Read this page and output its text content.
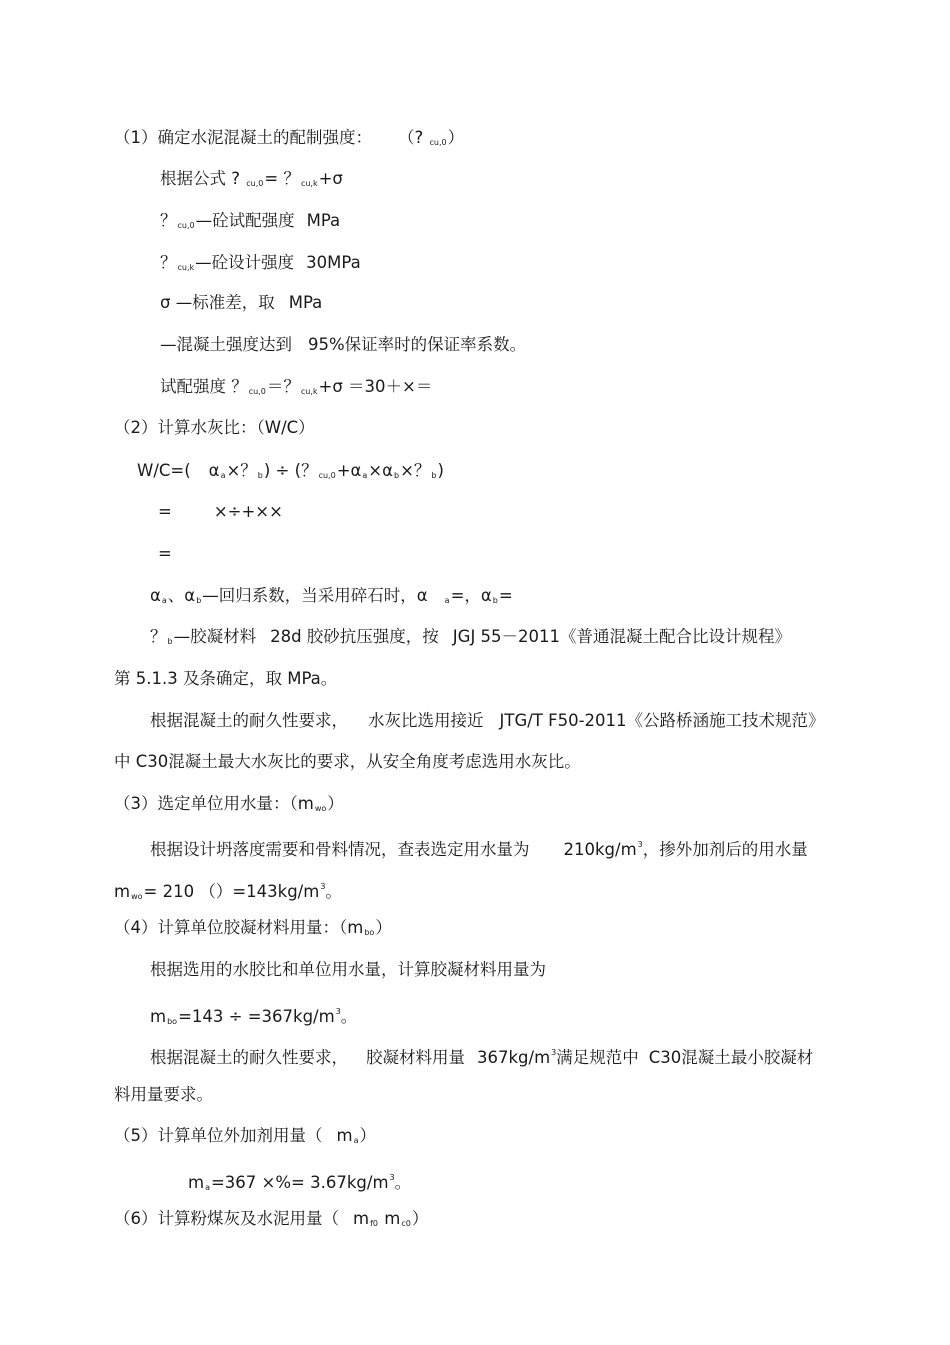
（1）确定水泥混凝土的配制强度： （? $_{cu,0}$）
根据公式 ? $_{cu,0}$= ？$_{cu,k}$+σ
？$_{cu,0}$—砼试配强度 MPa
？$_{cu,k}$—砼设计强度 30MPa
σ —标准差，取 MPa
—混凝土强度达到 95%保证率时的保证率系数。
试配强度 ？$_{cu,0}$＝？$_{cu,k}$+σ ＝30＋×＝
（2）计算水灰比：（W/C）
W/C=( $\alpha_a\times$？$_b$) ÷ (？$_{cu,0}+\alpha_a\times\alpha_b\times$？$_b$)
=	×÷+××
=
$\alpha_a$、$\alpha_b—$回归系数，当采用碎石时，α $_a$=，$\alpha_b=$
？$_b$—胶凝材料 28d 胶砂抗压强度，按 JGJ 55－2011《普通混凝土配合比设计规程》
第 5.1.3 及条确定，取 MPa。
根据混凝土的耐久性要求， 水灰比选用接近 JTG/T F50-2011《公路桥涵施工技术规范》
中 C30混凝土最大水灰比的要求，从安全角度考虑选用水灰比。
（3）选定单位用水量：$(m_{wo})$
根据设计坍落度需要和骨料情况，查表选定用水量为 $210kg/m^3$，掺外加剂后的用水量
$m_{wo}= 210$ $()=143kg/m^3$。
（4）计算单位胶凝材料用量：$(m_{bo})$
根据选用的水胶比和单位用水量，计算胶凝材料用量为
$m_{bo}=143 \div =367kg/m^3$。
根据混凝土的耐久性要求， 胶凝材料用量 $367kg/m^3$满足规范中 C30混凝土最小胶凝材
料用量要求。
（5）计算单位外加剂用量（ $m_a$）
$m_a=367$ ×%= $3.67kg/m^3$。
（6）计算粉煤灰及水泥用量（ $m_{f0}$ $m_{c0}$）
